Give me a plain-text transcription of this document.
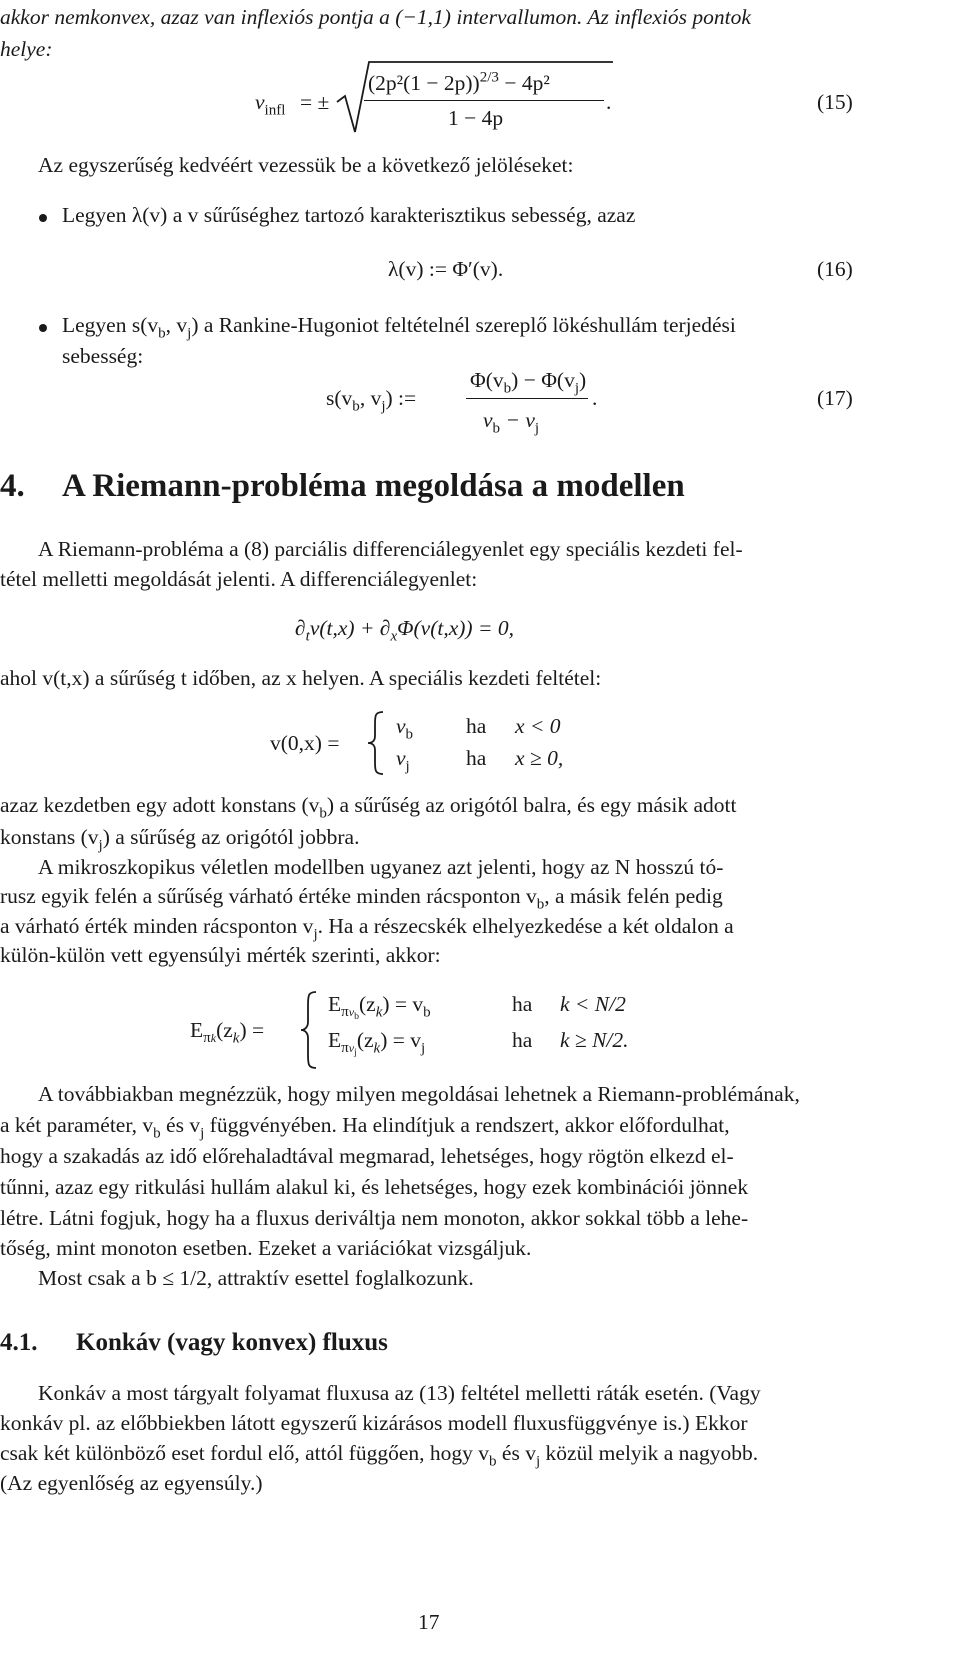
akkor nemkonvex, azaz van inflexiós pontja a (−1,1) intervallumon. Az inflexiós pontok
helye:
$v_{infl}$ = ±
$(2p^2(1 - 2p))^{2/3} - 4p^2$
1 − 4p
.	(15)
Az egyszerűség kedvéért vezessük be a következő jelöléseket:
Legyen λ(v) a v sűrűséghez tartozó karakterisztikus sebesség, azaz
λ(v) := Φ′(v).	(16)
Legyen $s(v_b$, $v_j$) a Rankine-Hugoniot feltételnél szereplő lökéshullám terjedési
sebesség:
$s(v_b$, $v_j$) :=
$\Phi(v_b) - \Phi(v_j)$
$v_b - v_j$
.	(17)
4. A Riemann-probléma megoldása a modellen
A Riemann-probléma a (8) parciális differenciálegyenlet egy speciális kezdeti fel-
tétel melletti megoldását jelenti. A differenciálegyenlet:
$\partial_tv(t,x) + \partial_x\Phi(v(t,x)) = 0$,
ahol v(t,x) a sűrűség t időben, az x helyen. A speciális kezdeti feltétel:
v(0,x) =
$v_b$ ha x < 0
$v_j$	ha x ≥ 0,
azaz kezdetben egy adott konstans $(v_b)$ a sűrűség az origótól balra, és egy másik adott
konstans $(v_j)$ a sűrűség az origótól jobbra.
A mikroszkopikus véletlen modellben ugyanez azt jelenti, hogy az N hosszú tó-
rusz egyik felén a sűrűség várható értéke minden rácsponton $v_b$, a másik felén pedig
a várható érték minden rácsponton $v_j$. Ha a részecskék elhelyezkedése a két oldalon a
külön-külön vett egyensúlyi mérték szerinti, akkor:
$E_{\pi k}(z_k)$ =
$E_{\pi vb}(z_k) = v_b$	ha k < N/2
$E_{\pi vj}(z_k) = v_j$	ha k ≥ N/2.
A továbbiakban megnézzük, hogy milyen megoldásai lehetnek a Riemann-problémának,
a két paraméter, $v_b$ és $v_j$ függvényében. Ha elindítjuk a rendszert, akkor előfordulhat,
hogy a szakadás az idő előrehaladtával megmarad, lehetséges, hogy rögtön elkezd el-
tűnni, azaz egy ritkulási hullám alakul ki, és lehetséges, hogy ezek kombinációi jönnek
létre. Látni fogjuk, hogy ha a fluxus deriváltja nem monoton, akkor sokkal több a lehe-
tőség, mint monoton esetben. Ezeket a variációkat vizsgáljuk.
Most csak a b ≤ 1/2, attraktív esettel foglalkozunk.
4.1. Konkáv (vagy konvex) fluxus
Konkáv a most tárgyalt folyamat fluxusa az (13) feltétel melletti ráták esetén. (Vagy
konkáv pl. az előbbiekben látott egyszerű kizárásos modell fluxusfüggvénye is.) Ekkor
csak két különböző eset fordul elő, attól függően, hogy $v_b$ és $v_j$ közül melyik a nagyobb.
(Az egyenlőség az egyensúly.)
17
